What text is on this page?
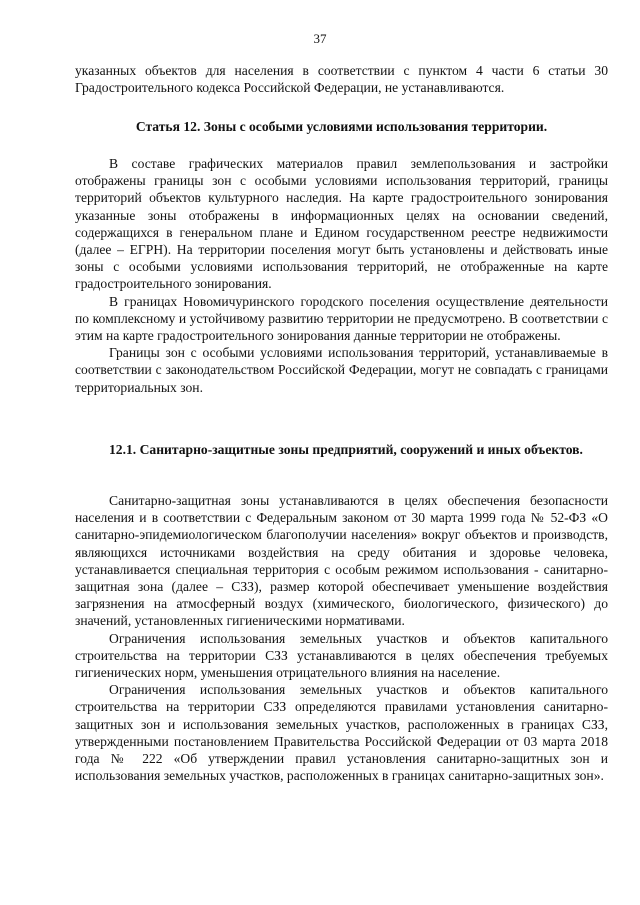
37

указанных объектов для населения в соответствии с пунктом 4 части 6 статьи 30 Градостроительного кодекса Российской Федерации, не устанавливаются.

Статья 12. Зоны с особыми условиями использования территории.

В составе графических материалов правил землепользования и застройки отображены границы зон с особыми условиями использования территорий, границы территорий объектов культурного наследия. На карте градостроительного зонирования указанные зоны отображены в информационных целях на основании сведений, содержащихся в генеральном плане и Едином государственном реестре недвижимости (далее – ЕГРН). На территории поселения могут быть установлены и действовать иные зоны с особыми условиями использования территорий, не отображенные на карте градостроительного зонирования.

В границах Новомичуринского городского поселения осуществление деятельности по комплексному и устойчивому развитию территории не предусмотрено. В соответствии с этим на карте градостроительного зонирования данные территории не отображены.

Границы зон с особыми условиями использования территорий, устанавливаемые в соответствии с законодательством Российской Федерации, могут не совпадать с границами территориальных зон.

12.1. Санитарно-защитные зоны предприятий, сооружений и иных объектов.

Санитарно-защитная зоны устанавливаются в целях обеспечения безопасности населения и в соответствии с Федеральным законом от 30 марта 1999 года № 52-ФЗ «О санитарно-эпидемиологическом благополучии населения» вокруг объектов и производств, являющихся источниками воздействия на среду обитания и здоровье человека, устанавливается специальная территория с особым режимом использования - санитарно-защитная зона (далее – СЗЗ), размер которой обеспечивает уменьшение воздействия загрязнения на атмосферный воздух (химического, биологического, физического) до значений, установленных гигиеническими нормативами.

Ограничения использования земельных участков и объектов капитального строительства на территории СЗЗ устанавливаются в целях обеспечения требуемых гигиенических норм, уменьшения отрицательного влияния на население.

Ограничения использования земельных участков и объектов капитального строительства на территории СЗЗ определяются правилами установления санитарно-защитных зон и использования земельных участков, расположенных в границах СЗЗ, утвержденными постановлением Правительства Российской Федерации от 03 марта 2018 года № 222 «Об утверждении правил установления санитарно-защитных зон и использования земельных участков, расположенных в границах санитарно-защитных зон».
